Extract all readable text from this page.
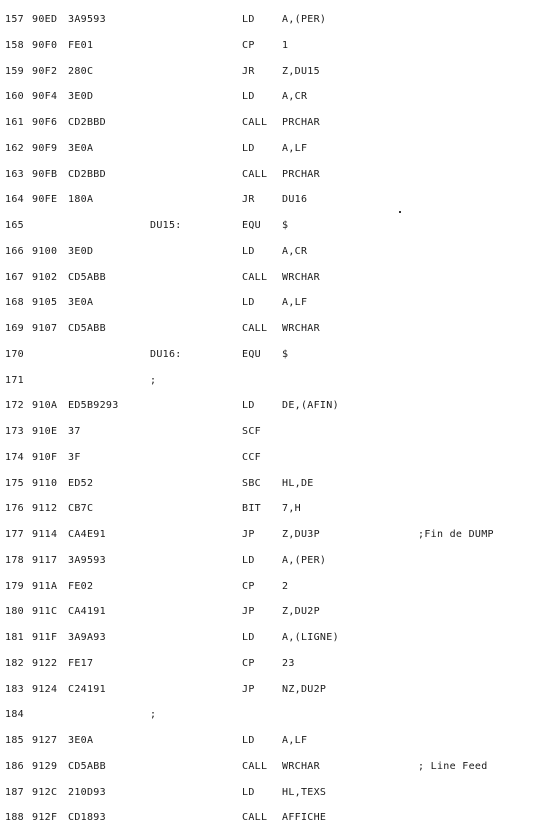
157 90ED 3A9593	LD	A,(PER)
158 90F0 FE01	CP	1
159 90F2 280C	JR	Z,DU15
160 90F4 3E0D	LD	A,CR
161 90F6 CD2BBD	CALL PRCHAR
162 90F9 3E0A	LD	A,LF
163 90FB CD2BBD	CALL PRCHAR
164 90FE 180A	JR	DU16
165	DU15:	EQU $
166 9100 3E0D	LD	A,CR
167 9102 CD5ABB	CALL WRCHAR
168 9105 3E0A	LD	A,LF
169 9107 CD5ABB	CALL WRCHAR
170	DU16:	EQU $
171	;
172 910A ED5B9293	LD	DE,(AFIN)
173 910E 37	SCF
174 910F 3F	CCF
175 9110 ED52	SBC HL,DE
176 9112 CB7C	BIT 7,H
177 9114 CA4E91	JP	Z,DU3P	;Fin de DUMP
178 9117 3A9593	LD	A,(PER)
179 911A FE02	CP	2
180 911C CA4191	JP	Z,DU2P
181 911F 3A9A93	LD	A,(LIGNE)
182 9122 FE17	CP	23
183 9124 C24191	JP	NZ,DU2P
184	;
185 9127 3E0A	LD	A,LF
186 9129 CD5ABB	CALL WRCHAR	; Line Feed
187 912C 210D93	LD	HL,TEXS
188 912F CD1893	CALL AFFICHE
